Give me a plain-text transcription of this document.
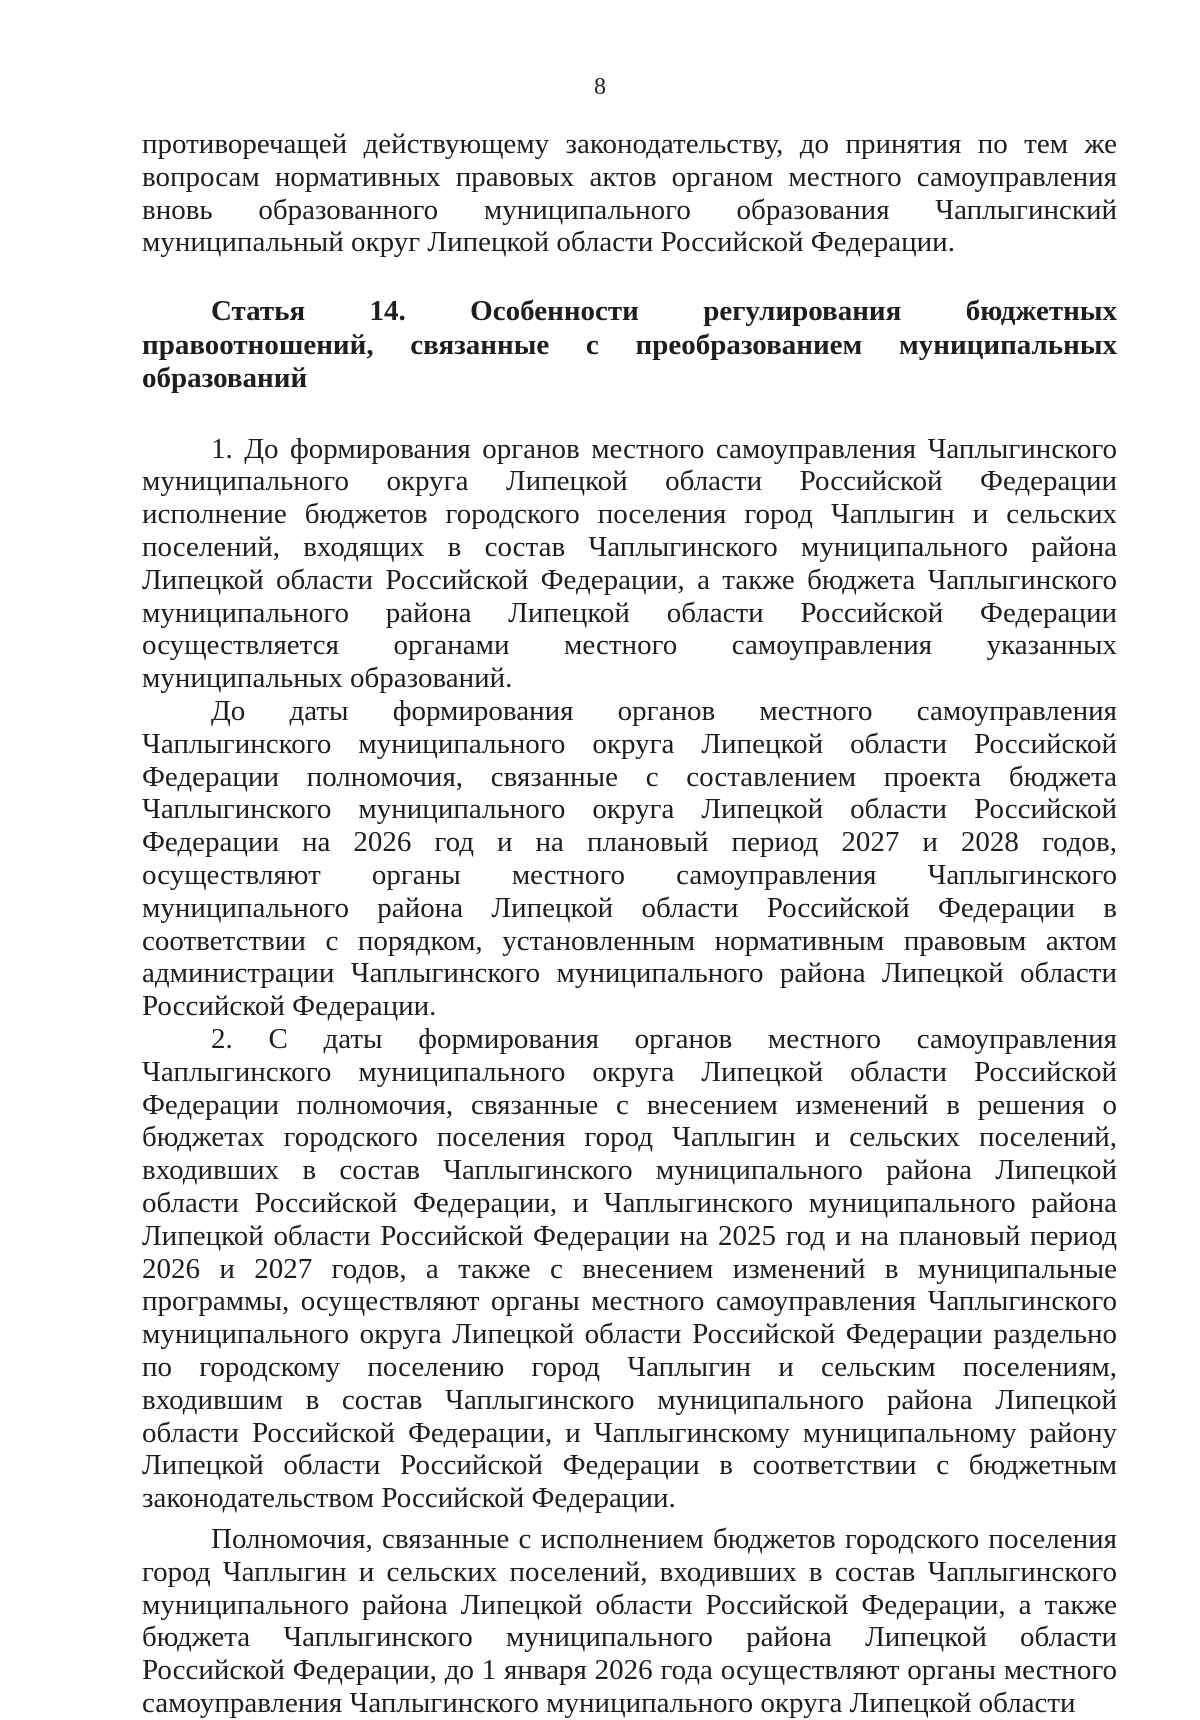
8

противоречащей действующему законодательству, до принятия по тем же вопросам нормативных правовых актов органом местного самоуправления вновь образованного муниципального образования Чаплыгинский муниципальный округ Липецкой области Российской Федерации.

Статья 14. Особенности регулирования бюджетных правоотношений, связанные с преобразованием муниципальных образований

1. До формирования органов местного самоуправления Чаплыгинского муниципального округа Липецкой области Российской Федерации исполнение бюджетов городского поселения город Чаплыгин и сельских поселений, входящих в состав Чаплыгинского муниципального района Липецкой области Российской Федерации, а также бюджета Чаплыгинского муниципального района Липецкой области Российской Федерации осуществляется органами местного самоуправления указанных муниципальных образований.

До даты формирования органов местного самоуправления Чаплыгинского муниципального округа Липецкой области Российской Федерации полномочия, связанные с составлением проекта бюджета Чаплыгинского муниципального округа Липецкой области Российской Федерации на 2026 год и на плановый период 2027 и 2028 годов, осуществляют органы местного самоуправления Чаплыгинского муниципального района Липецкой области Российской Федерации в соответствии с порядком, установленным нормативным правовым актом администрации Чаплыгинского муниципального района Липецкой области Российской Федерации.

2. С даты формирования органов местного самоуправления Чаплыгинского муниципального округа Липецкой области Российской Федерации полномочия, связанные с внесением изменений в решения о бюджетах городского поселения город Чаплыгин и сельских поселений, входивших в состав Чаплыгинского муниципального района Липецкой области Российской Федерации, и Чаплыгинского муниципального района Липецкой области Российской Федерации на 2025 год и на плановый период 2026 и 2027 годов, а также с внесением изменений в муниципальные программы, осуществляют органы местного самоуправления Чаплыгинского муниципального округа Липецкой области Российской Федерации раздельно по городскому поселению город Чаплыгин и сельским поселениям, входившим в состав Чаплыгинского муниципального района Липецкой области Российской Федерации, и Чаплыгинскому муниципальному району Липецкой области Российской Федерации в соответствии с бюджетным законодательством Российской Федерации.

Полномочия, связанные с исполнением бюджетов городского поселения город Чаплыгин и сельских поселений, входивших в состав Чаплыгинского муниципального района Липецкой области Российской Федерации, а также бюджета Чаплыгинского муниципального района Липецкой области Российской Федерации, до 1 января 2026 года осуществляют органы местного самоуправления Чаплыгинского муниципального округа Липецкой области
